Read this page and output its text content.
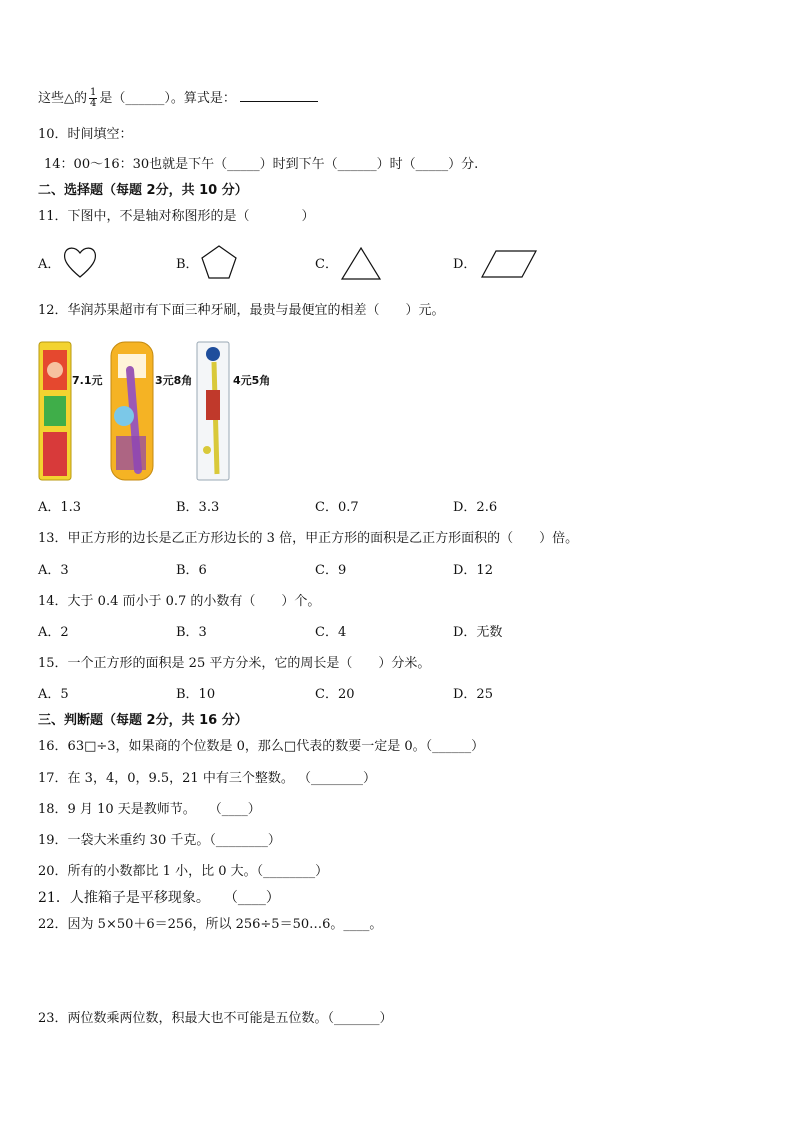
这些△的 $\frac{1}{4}$ 是（______）。算式是：
10．时间填空：
14：00～16：30也就是下午（_____）时到下午（______）时（_____）分.
二、选择题（每题 2分，共 10 分）
11．下图中，不是轴对称图形的是（　　　　）
A．	B．	C．	D．
12．华润苏果超市有下面三种牙刷，最贵与最便宜的相差（　　）元。
7.1元	3元8角	4元5角
A．1.3	B．3.3	C．0.7	D．2.6
13．甲正方形的边长是乙正方形边长的 3 倍，甲正方形的面积是乙正方形面积的（　　）倍。
A．3	B．6	C．9	D．12
14．大于 0.4 而小于 0.7 的小数有（　　）个。
A．2	B．3	C．4	D．无数
15．一个正方形的面积是 25 平方分米，它的周长是（　　）分米。
A．5	B．10	C．20	D．25
三、判断题（每题 2分，共 16 分）
16．63□÷3，如果商的个位数是 0，那么□代表的数要一定是 0。（______）
17．在 3，4，0，9.5，21 中有三个整数。 （________）
18．9 月 10 天是教师节。　　（____）
19．一袋大米重约 30 千克。（________）
20．所有的小数都比 1 小，比 0 大。（________）
21．人推箱子是平移现象。　　（____）
22．因为 5×50＋6＝256，所以 256÷5＝50…6。____。
23．两位数乘两位数，积最大也不可能是五位数。（_______）
